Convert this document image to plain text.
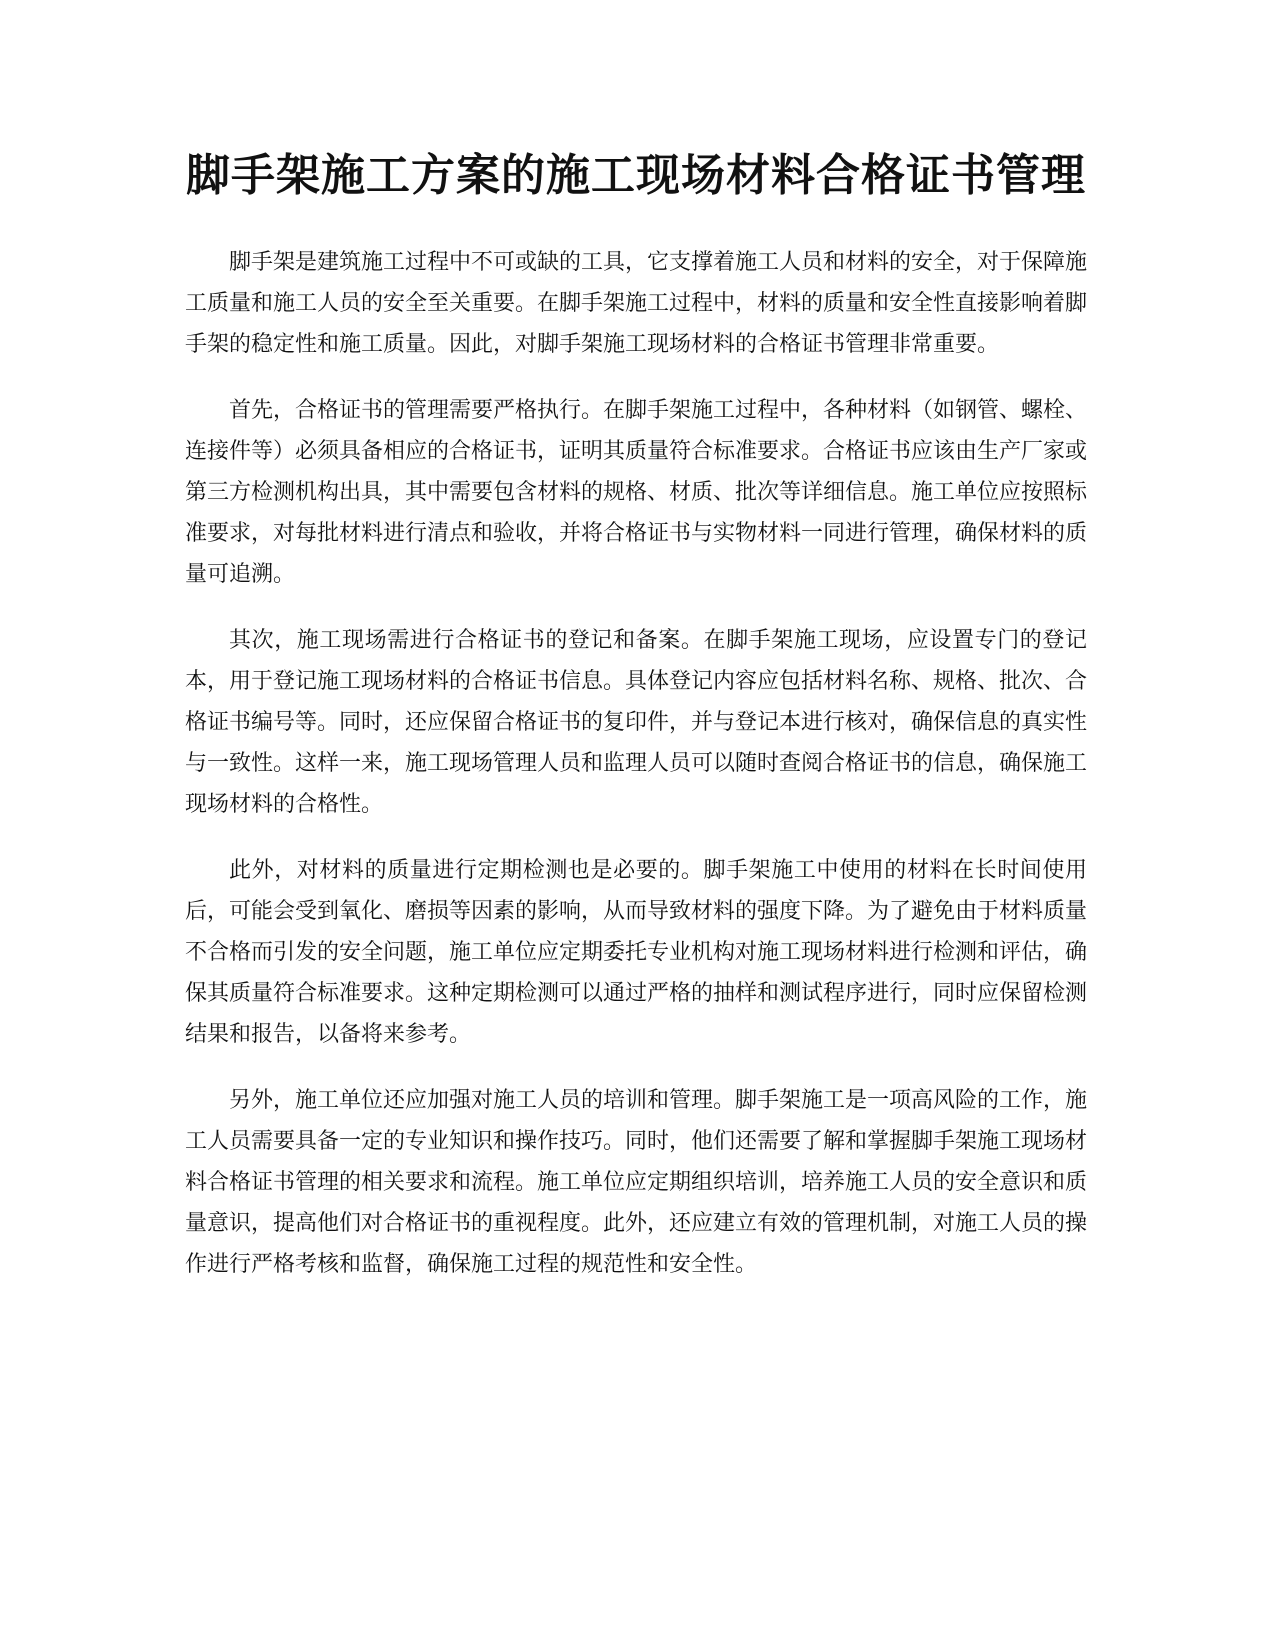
脚手架施工方案的施工现场材料合格证书管理

脚手架是建筑施工过程中不可或缺的工具，它支撑着施工人员和材料的安全，对于保障施工质量和施工人员的安全至关重要。在脚手架施工过程中，材料的质量和安全性直接影响着脚手架的稳定性和施工质量。因此，对脚手架施工现场材料的合格证书管理非常重要。

首先，合格证书的管理需要严格执行。在脚手架施工过程中，各种材料（如钢管、螺栓、连接件等）必须具备相应的合格证书，证明其质量符合标准要求。合格证书应该由生产厂家或第三方检测机构出具，其中需要包含材料的规格、材质、批次等详细信息。施工单位应按照标准要求，对每批材料进行清点和验收，并将合格证书与实物材料一同进行管理，确保材料的质量可追溯。

其次，施工现场需进行合格证书的登记和备案。在脚手架施工现场，应设置专门的登记本，用于登记施工现场材料的合格证书信息。具体登记内容应包括材料名称、规格、批次、合格证书编号等。同时，还应保留合格证书的复印件，并与登记本进行核对，确保信息的真实性与一致性。这样一来，施工现场管理人员和监理人员可以随时查阅合格证书的信息，确保施工现场材料的合格性。

此外，对材料的质量进行定期检测也是必要的。脚手架施工中使用的材料在长时间使用后，可能会受到氧化、磨损等因素的影响，从而导致材料的强度下降。为了避免由于材料质量不合格而引发的安全问题，施工单位应定期委托专业机构对施工现场材料进行检测和评估，确保其质量符合标准要求。这种定期检测可以通过严格的抽样和测试程序进行，同时应保留检测结果和报告，以备将来参考。

另外，施工单位还应加强对施工人员的培训和管理。脚手架施工是一项高风险的工作，施工人员需要具备一定的专业知识和操作技巧。同时，他们还需要了解和掌握脚手架施工现场材料合格证书管理的相关要求和流程。施工单位应定期组织培训，培养施工人员的安全意识和质量意识，提高他们对合格证书的重视程度。此外，还应建立有效的管理机制，对施工人员的操作进行严格考核和监督，确保施工过程的规范性和安全性。
